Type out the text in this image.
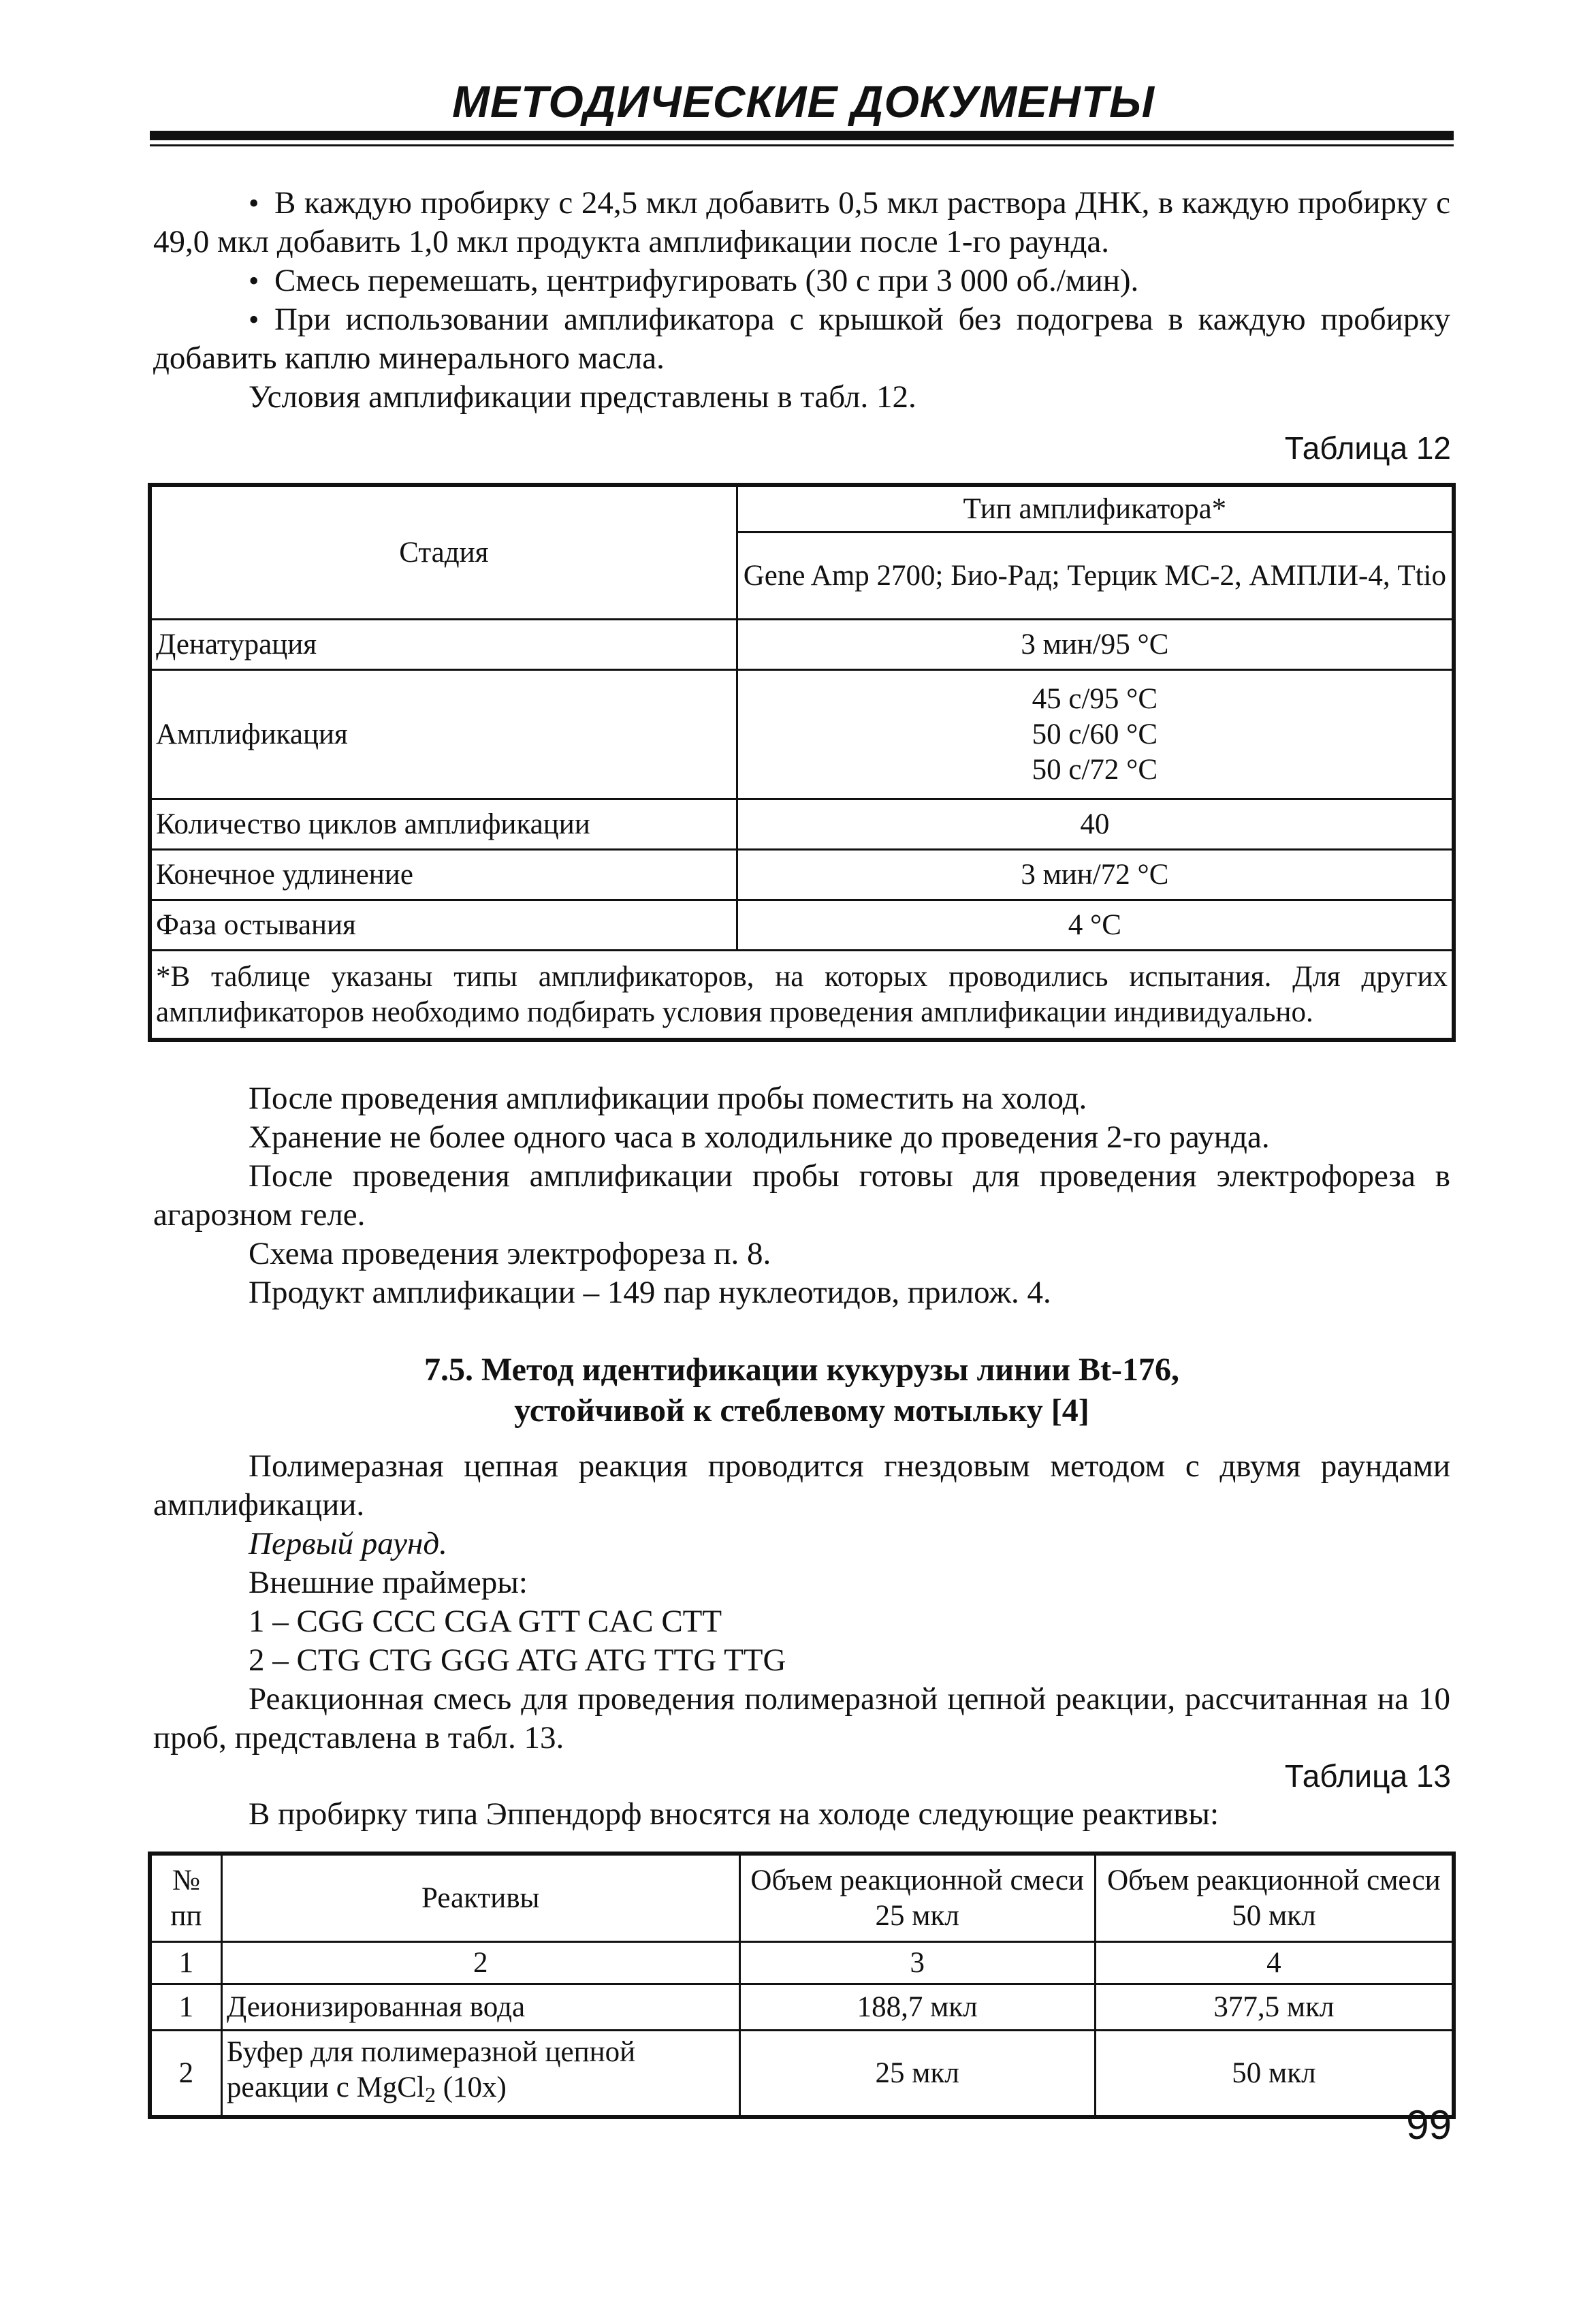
МЕТОДИЧЕСКИЕ ДОКУМЕНТЫ

• В каждую пробирку с 24,5 мкл добавить 0,5 мкл раствора ДНК, в каждую пробирку с 49,0 мкл добавить 1,0 мкл продукта амплификации после 1-го раунда.

• Смесь перемешать, центрифугировать (30 с при 3 000 об./мин).

• При использовании амплификатора с крышкой без подогрева в каждую пробирку добавить каплю минерального масла.

Условия амплификации представлены в табл. 12.

Таблица 12
Стадия	Тип амплификатора*
	Gene Amp 2700; Био-Рад; Терцик МС-2, АМПЛИ-4, Ttio
Денатурация	3 мин/95 °С
Амплификация	45 с/95 °С
50 с/60 °С
50 с/72 °С

Количество циклов амплификации	40
Конечное удлинение	3 мин/72 °С
Фаза остывания	4 °С
*В таблице указаны типы амплификаторов, на которых проводились испытания. Для других амплификаторов необходимо подбирать условия проведения амплификации индивидуально.	

После проведения амплификации пробы поместить на холод.

Хранение не более одного часа в холодильнике до проведения 2-го раунда.

После проведения амплификации пробы готовы для проведения электрофореза в агарозном геле.

Схема проведения электрофореза п. 8.

Продукт амплификации – 149 пар нуклеотидов, прилож. 4.

7.5. Метод идентификации кукурузы линии Bt-176,
устойчивой к стеблевому мотыльку [4]

Полимеразная цепная реакция проводится гнездовым методом с двумя раундами амплификации.

Первый раунд.

Внешние праймеры:

1 – CGG CCC CGA GTT CAC CTT

2 – CTG CTG GGG ATG ATG TTG TTG

Реакционная смесь для проведения полимеразной цепной реакции, рассчитанная на 10 проб, представлена в табл. 13.

Таблица 13

В пробирку типа Эппендорф вносятся на холоде следующие реактивы:

№ пп	Реактивы	Объем реакционной смеси 25 мкл	Объем реакционной смеси 50 мкл
1	2	3	4
1	Деионизированная вода	188,7 мкл	377,5 мкл
2	Буфер для полимеразной цепной реакции с MgCl$_2$ (10х)	25 мкл	50 мкл
99
